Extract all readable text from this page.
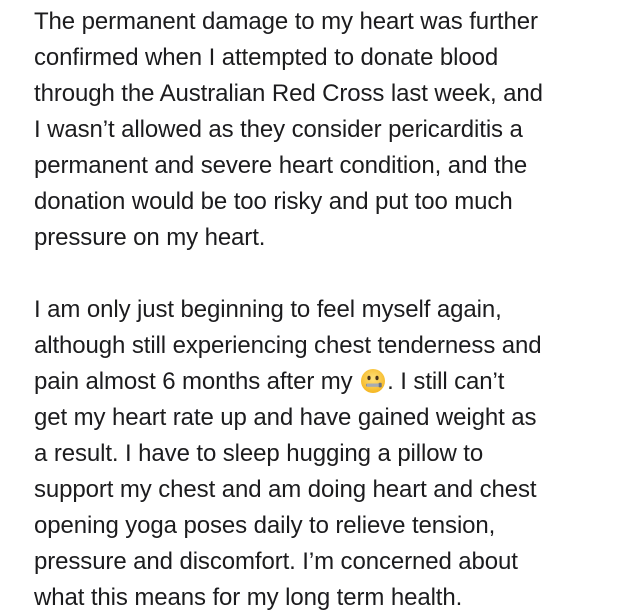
The permanent damage to my heart was further
confirmed when I attempted to donate blood
through the Australian Red Cross last week, and
I wasn’t allowed as they consider pericarditis a
permanent and severe heart condition, and the
donation would be too risky and put too much
pressure on my heart.
I am only just beginning to feel myself again,
although still experiencing chest tenderness and
pain almost 6 months after my . I still can’t
get my heart rate up and have gained weight as
a result. I have to sleep hugging a pillow to
support my chest and am doing heart and chest
opening yoga poses daily to relieve tension,
pressure and discomfort. I’m concerned about
what this means for my long term health.
